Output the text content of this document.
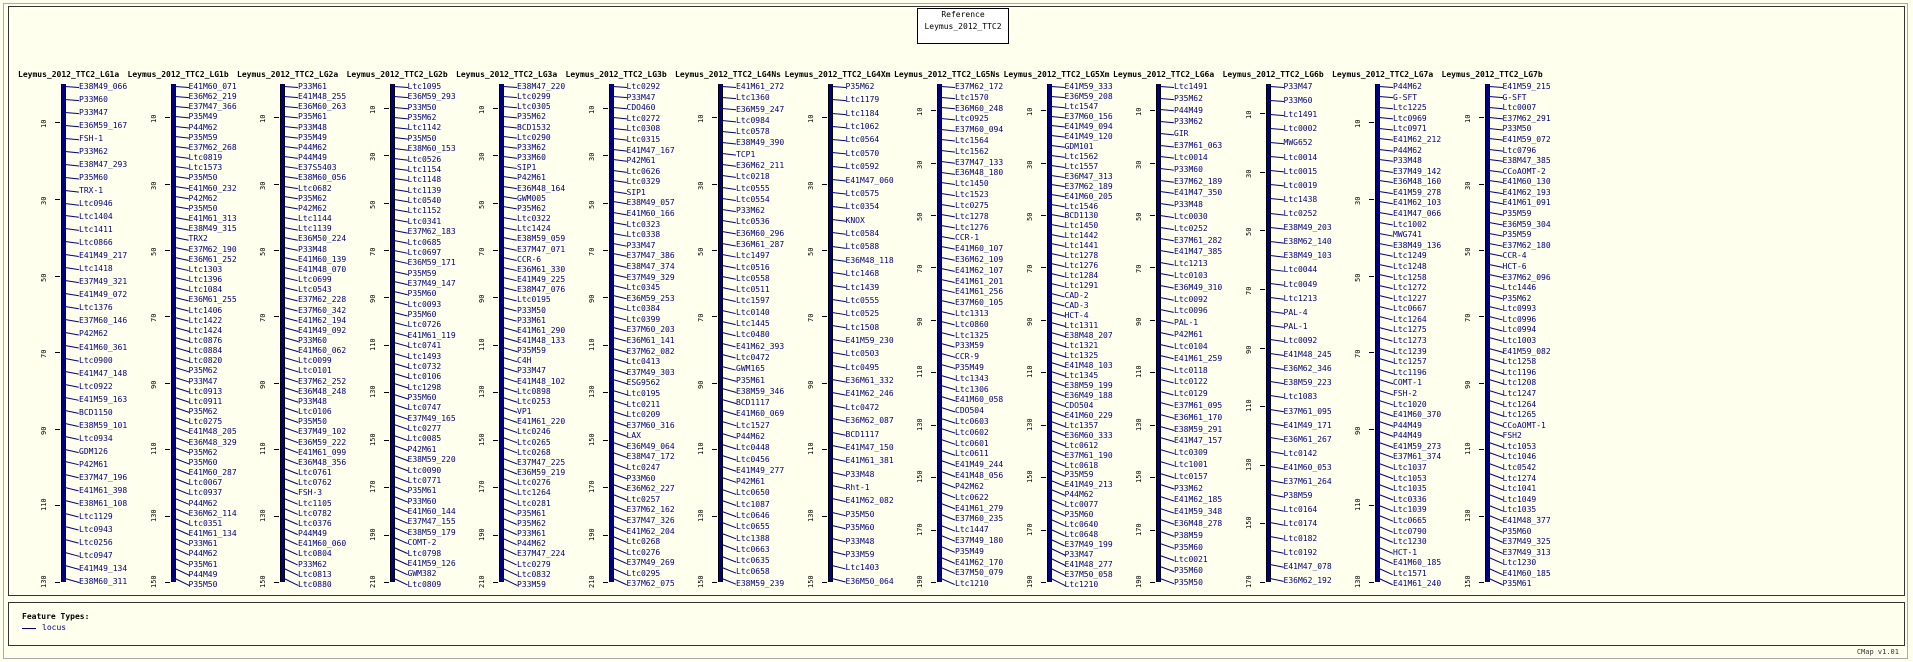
Reference
Leymus_2012_TTC2
Leymus_2012_TTC2_LG1a
10
30
50
70
90
110
130
E38M49_066
P33M60
P33M47
E36M59_167
FSH-1
P33M62
E38M47_293
P35M60
TRX-1
Ltc0946
Ltc1404
Ltc1411
Ltc0866
E41M49_217
Ltc1418
E37M49_321
E41M49_072
Ltc1376
E37M60_146
P42M62
E41M60_361
Ltc0900
E41M47_148
Ltc0922
E41M59_163
BCD1150
E38M59_101
Ltc0934
GDM126
P42M61
E37M47_196
E41M61_398
E38M61_108
Ltc1129
Ltc0943
Ltc0256
Ltc0947
E41M49_134
E38M60_311
Leymus_2012_TTC2_LG1b
10
30
50
70
90
110
130
150
E41M60_071
E36M62_219
E37M47_366
P35M49
P44M62
P35M59
E37M62_268
Ltc0819
Ltc1573
P35M50
E41M60_232
P42M62
P35M50
E41M61_313
E38M49_315
TRX2
E37M62_190
E36M61_252
Ltc1303
Ltc1396
Ltc1084
E36M61_255
Ltc1406
Ltc1422
Ltc1424
Ltc0876
Ltc0884
Ltc0820
P35M62
P33M47
Ltc0913
Ltc0911
P35M62
Ltc0275
E41M48_205
E36M48_329
P35M62
P35M60
E41M60_287
Ltc0067
Ltc0937
P44M62
E36M62_114
Ltc0351
E41M61_134
P33M61
P44M62
P35M61
P44M49
P35M50
Leymus_2012_TTC2_LG2a
10
30
50
70
90
110
130
150
P33M61
E41M48_255
E36M60_263
P35M61
P33M48
P35M49
P44M62
P44M49
E37S5403
E38M60_056
Ltc0682
P35M62
P42M62
Ltc1144
Ltc1139
E36M50_224
P33M48
E41M60_139
E41M48_070
Ltc0699
Ltc0543
E37M62_228
E37M60_342
E41M62_194
E41M49_092
P33M60
E41M60_062
Ltc0099
Ltc0101
E37M62_252
E36M48_248
P33M48
Ltc0106
P35M50
E37M49_102
E36M59_222
E41M61_099
E36M48_356
Ltc0761
Ltc0762
FSH-3
Ltc1105
Ltc0782
Ltc0376
P44M49
E41M60_060
Ltc0804
P33M62
Ltc0813
Ltc0880
Leymus_2012_TTC2_LG2b
10
30
50
70
90
110
130
150
170
190
210
Ltc1095
E36M59_293
P33M50
P35M62
Ltc1142
P35M50
E38M60_153
Ltc0526
Ltc1154
Ltc1148
Ltc1139
Ltc0540
Ltc1152
Ltc0341
E37M62_183
Ltc0685
Ltc0697
E36M59_171
P35M59
E37M49_147
P35M60
Ltc0093
P35M60
Ltc0726
E41M61_119
Ltc0741
Ltc1493
Ltc0732
Ltc0106
Ltc1298
P35M60
Ltc0747
E37M49_165
Ltc0277
Ltc0085
P42M61
E38M59_220
Ltc0090
Ltc0771
P35M61
P33M60
E41M60_144
E37M47_155
E38M59_179
COMT-2
Ltc0798
E41M59_126
GWM382
Ltc0809
Leymus_2012_TTC2_LG3a
10
30
50
70
90
110
130
150
170
190
210
E38M47_220
Ltc0299
Ltc0305
P35M62
BCD1532
Ltc0290
P33M62
P33M60
SIP1
P42M61
E36M48_164
GWM005
P35M62
Ltc0322
Ltc1424
E38M59_059
E37M47_071
CCR-6
E36M61_330
E41M49_225
E38M47_076
Ltc0195
P33M50
P33M61
E41M61_290
E41M48_133
P35M59
C4H
P33M47
E41M48_102
Ltc0898
Ltc0253
VP1
E41M61_220
Ltc0246
Ltc0265
Ltc0268
E37M47_225
E36M59_219
Ltc0276
Ltc1264
Ltc0281
P35M61
P35M62
P33M61
P44M62
E37M47_224
Ltc0279
Ltc0832
P33M59
Leymus_2012_TTC2_LG3b
10
30
50
70
90
110
130
150
170
190
210
Ltc0292
P33M47
CDO460
Ltc0272
Ltc0308
Ltc0315
E41M47_167
P42M61
Ltc0626
Ltc0329
SIP1
E38M49_057
E41M60_166
Ltc0323
Ltc0338
P33M47
E37M47_386
E38M47_374
E37M49_329
Ltc0345
E36M59_253
Ltc0384
Ltc0399
E37M60_203
E36M61_141
E37M62_082
Ltc0413
E37M49_303
ESG9562
Ltc0195
Ltc0211
Ltc0209
E37M60_316
LAX
E36M49_064
E38M47_172
Ltc0247
P33M60
E36M62_227
Ltc0257
E37M62_162
E37M47_326
E41M62_204
Ltc0268
Ltc0276
E37M49_269
Ltc0295
E37M62_075
Leymus_2012_TTC2_LG4Ns
10
30
50
70
90
110
130
150
E41M61_272
Ltc1360
E36M59_247
Ltc0984
Ltc0578
E38M49_390
TCP1
E36M62_211
Ltc0218
Ltc0555
Ltc0554
P33M62
Ltc0536
E36M60_296
E36M61_287
Ltc1497
Ltc0516
Ltc0558
Ltc0511
Ltc1597
Ltc0140
Ltc1445
Ltc0480
E41M62_393
Ltc0472
GWM165
P35M61
E38M59_346
BCD1117
E41M60_069
Ltc1527
P44M62
Ltc0448
Ltc0456
E41M49_277
P42M61
Ltc0650
Ltc1087
Ltc0646
Ltc0655
Ltc1388
Ltc0663
Ltc0635
Ltc0658
E38M59_239
Leymus_2012_TTC2_LG4Xm
10
30
50
70
90
110
130
150
P35M62
Ltc1179
Ltc1184
Ltc1062
Ltc0564
Ltc0570
Ltc0592
E41M47_060
Ltc0575
Ltc0354
KNOX
Ltc0584
Ltc0588
E36M48_118
Ltc1468
Ltc1439
Ltc0555
Ltc0525
Ltc1508
E41M59_230
Ltc0503
Ltc0495
E36M61_332
E41M62_246
Ltc0472
E36M62_087
BCD1117
E41M47_150
E41M61_381
P33M48
Rht-1
E41M62_082
P35M50
P35M60
P33M48
P33M59
Ltc1403
E36M50_064
Leymus_2012_TTC2_LG5Ns
10
30
50
70
90
110
130
150
170
190
E37M62_172
Ltc1570
E36M60_248
Ltc0925
E37M60_094
Ltc1564
Ltc1562
E37M47_133
E36M48_180
Ltc1450
Ltc1523
Ltc0275
Ltc1278
Ltc1276
CCR-1
E41M60_107
E36M62_109
E41M62_107
E41M61_201
E41M61_256
E37M60_105
Ltc1313
Ltc0860
Ltc1325
P33M59
CCR-9
P35M49
Ltc1343
Ltc1306
E41M60_058
CDO504
Ltc0603
Ltc0602
Ltc0601
Ltc0611
E41M49_244
E41M48_056
P42M62
Ltc0622
E41M61_279
E37M60_235
Ltc1447
E37M49_180
P35M49
E41M62_170
E37M50_079
Ltc1210
Leymus_2012_TTC2_LG5Xm
10
30
50
70
90
110
130
150
170
190
E41M59_333
E36M59_208
Ltc1547
E37M60_156
E41M49_094
E41M49_120
GDM101
Ltc1562
Ltc1557
E36M47_313
E37M62_189
E41M60_205
Ltc1546
BCD1130
Ltc1450
Ltc1442
Ltc1441
Ltc1278
Ltc1276
Ltc1284
Ltc1291
CAD-2
CAD-3
HCT-4
Ltc1311
E38M48_207
Ltc1321
Ltc1325
E41M48_103
Ltc1345
E38M59_199
E36M49_188
CDO504
E41M60_229
Ltc1357
E36M60_333
Ltc0612
E37M61_190
Ltc0618
P35M59
E41M49_213
P44M62
Ltc0077
P35M60
Ltc0640
Ltc0648
E37M49_199
P33M47
E41M48_277
E37M50_058
Ltc1210
Leymus_2012_TTC2_LG6a
10
30
50
70
90
110
130
150
170
190
Ltc1491
P35M62
P44M49
P33M62
GIR
E37M61_063
Ltc0014
P33M60
E37M62_189
E41M47_350
P33M48
Ltc0030
Ltc0252
E37M61_282
E41M47_385
Ltc1213
Ltc0103
E36M49_310
Ltc0092
Ltc0096
PAL-1
P42M61
Ltc0104
E41M61_259
Ltc0118
Ltc0122
Ltc0129
E37M61_095
E36M61_170
E38M59_291
E41M47_157
Ltc0309
Ltc1001
Ltc0157
P33M62
E41M62_185
E41M59_348
E36M48_278
P38M59
P35M60
Ltc0021
P35M60
P35M50
Leymus_2012_TTC2_LG6b
10
30
50
70
90
110
130
150
170
P33M47
P33M60
Ltc1491
Ltc0002
MWG652
Ltc0014
Ltc0015
Ltc0019
Ltc1438
Ltc0252
E38M49_203
E38M62_140
E38M49_103
Ltc0044
Ltc0049
Ltc1213
PAL-4
PAL-1
Ltc0092
E41M48_245
E36M62_346
E38M59_223
Ltc1083
E37M61_095
E41M49_171
E36M61_267
Ltc0142
E41M60_053
E37M61_264
P38M59
Ltc0164
Ltc0174
Ltc0182
Ltc0192
E41M47_078
E36M62_192
Leymus_2012_TTC2_LG7a
10
30
50
70
90
110
130
P44M62
G-SFT
Ltc1225
Ltc0969
Ltc0971
E41M62_212
P44M62
P33M48
E37M49_142
E36M48_160
E41M59_278
E41M62_103
E41M47_066
Ltc1002
MWG741
E38M49_136
Ltc1249
Ltc1248
Ltc1258
Ltc1272
Ltc1227
Ltc0667
Ltc1264
Ltc1275
Ltc1273
Ltc1239
Ltc1257
Ltc1196
COMT-1
FSH-2
Ltc1020
E41M60_370
P44M49
P44M49
E41M59_273
E37M61_374
Ltc1037
Ltc1053
Ltc1035
Ltc0336
Ltc1039
Ltc0665
Ltc0790
Ltc1230
HCT-1
E41M60_185
Ltc1571
E41M61_240
Leymus_2012_TTC2_LG7b
10
30
50
70
90
110
130
150
E41M59_215
G-SFT
Ltc0007
E37M62_291
P33M50
E41M59_072
Ltc0796
E38M47_385
CCoAOMT-2
E41M60_130
E41M62_193
E41M61_091
P35M59
E36M59_304
P35M59
E37M62_180
CCR-4
HCT-6
E37M62_096
Ltc1446
P35M62
Ltc0993
Ltc0996
Ltc0994
Ltc1003
E41M59_082
Ltc1258
Ltc1196
Ltc1208
Ltc1247
Ltc1264
Ltc1265
CCoAOMT-1
FSH2
Ltc1053
Ltc1046
Ltc0542
Ltc1274
Ltc1041
Ltc1049
Ltc1035
E41M48_377
P35M60
E37M49_325
E37M49_313
Ltc1230
E41M60_185
P35M61
Feature Types:
locus
CMap v1.01
